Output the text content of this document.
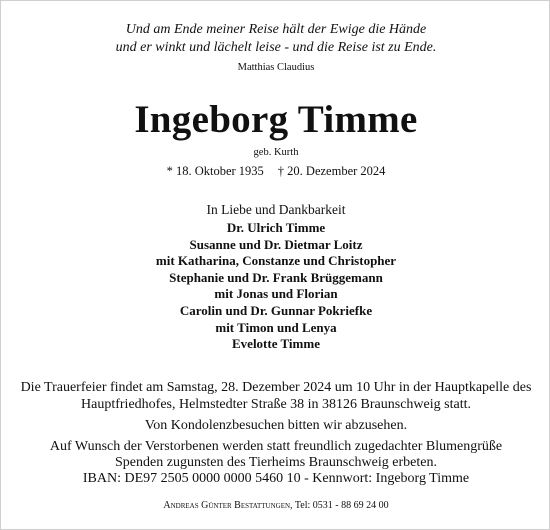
Und am Ende meiner Reise hält der Ewige die Hände
und er winkt und lächelt leise - und die Reise ist zu Ende.
Matthias Claudius
Ingeborg Timme
geb. Kurth
* 18. Oktober 1935 † 20. Dezember 2024
In Liebe und Dankbarkeit
Dr. Ulrich Timme
Susanne und Dr. Dietmar Loitz
mit Katharina, Constanze und Christopher
Stephanie und Dr. Frank Brüggemann
mit Jonas und Florian
Carolin und Dr. Gunnar Pokriefke
mit Timon und Lenya
Evelotte Timme
Die Trauerfeier findet am Samstag, 28. Dezember 2024 um 10 Uhr in der Hauptkapelle des
Hauptfriedhofes, Helmstedter Straße 38 in 38126 Braunschweig statt.
Von Kondolenzbesuchen bitten wir abzusehen.
Auf Wunsch der Verstorbenen werden statt freundlich zugedachter Blumengrüße
Spenden zugunsten des Tierheims Braunschweig erbeten.
IBAN: DE97 2505 0000 0000 5460 10 - Kennwort: Ingeborg Timme
Andreas Günter Bestattungen, Tel: 0531 - 88 69 24 00
